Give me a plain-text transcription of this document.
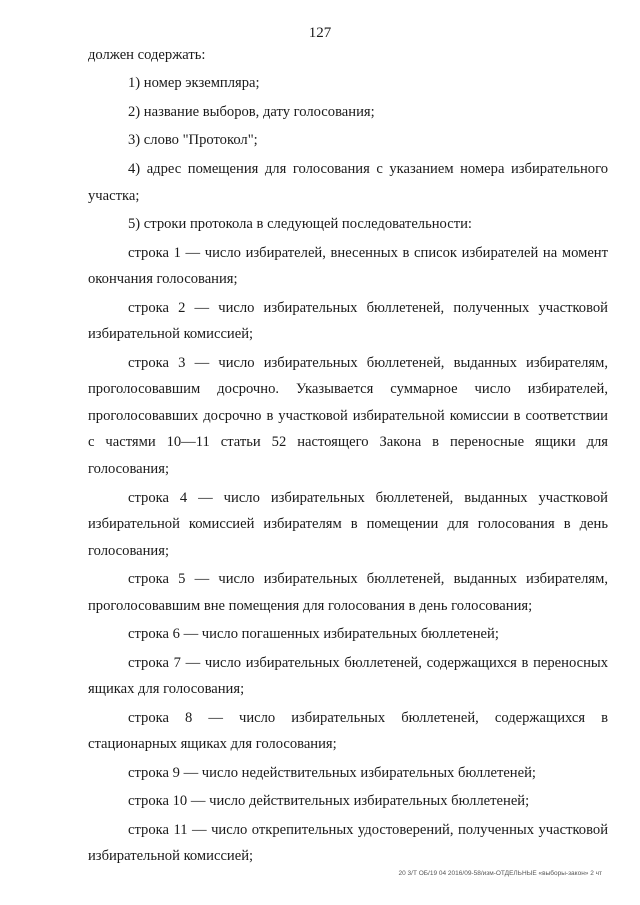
127

должен содержать:

1) номер экземпляра;

2) название выборов, дату голосования;

3) слово "Протокол";

4) адрес помещения для голосования с указанием номера избирательного участка;

5) строки протокола в следующей последовательности:

строка 1 — число избирателей, внесенных в список избирателей на момент окончания голосования;

строка 2 — число избирательных бюллетеней, полученных участковой избирательной комиссией;

строка 3 — число избирательных бюллетеней, выданных избирателям, проголосовавшим досрочно. Указывается суммарное число избирателей, проголосовавших досрочно в участковой избирательной комиссии в соответствии с частями 10—11 статьи 52 настоящего Закона в переносные ящики для голосования;

строка 4 — число избирательных бюллетеней, выданных участковой избирательной комиссией избирателям в помещении для голосования в день голосования;

строка 5 — число избирательных бюллетеней, выданных избирателям, проголосовавшим вне помещения для голосования в день голосования;

строка 6 — число погашенных избирательных бюллетеней;

строка 7 — число избирательных бюллетеней, содержащихся в переносных ящиках для голосования;

строка 8 — число избирательных бюллетеней, содержащихся в стационарных ящиках для голосования;

строка 9 — число недействительных избирательных бюллетеней;

строка 10 — число действительных избирательных бюллетеней;

строка 11 — число открепительных удостоверений, полученных участковой избирательной комиссией;

20 3/Т ОБ/19 04 2016/09-58/изм-ОТДЕЛЬНЫЕ «выборы-закон» 2 чт
